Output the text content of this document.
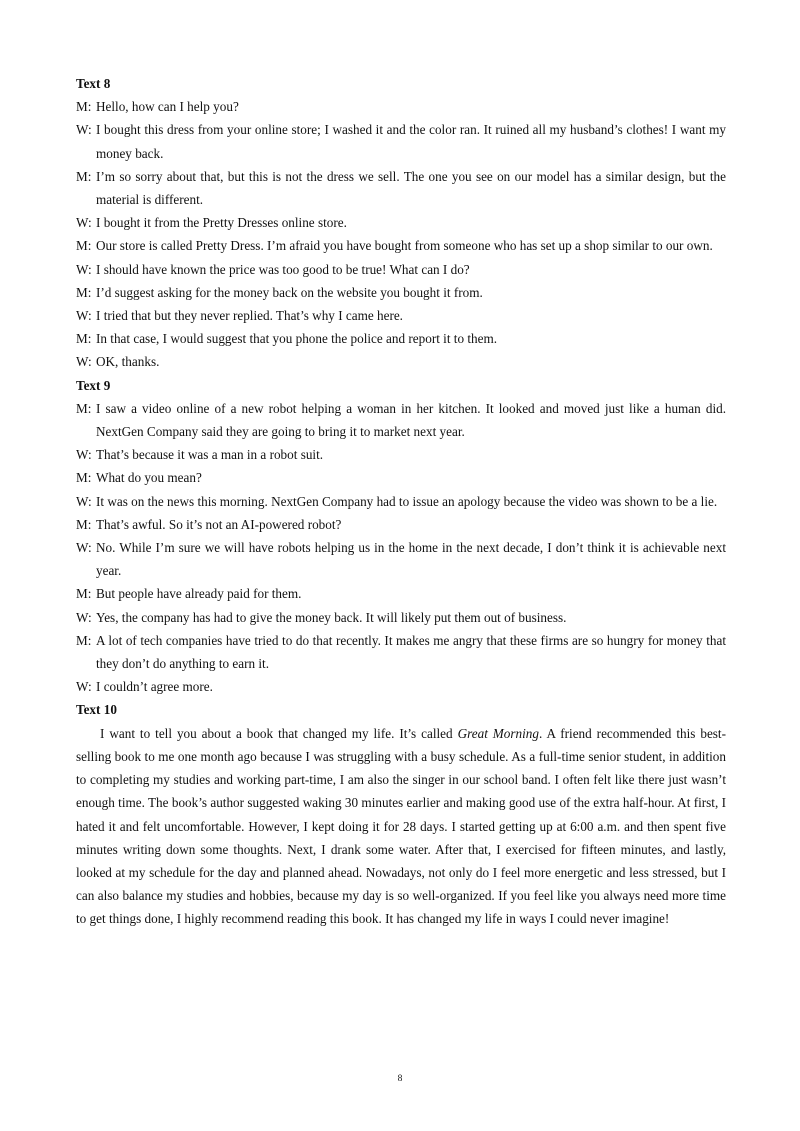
Text 8
M: Hello, how can I help you?
W: I bought this dress from your online store; I washed it and the color ran. It ruined all my husband’s clothes! I want my money back.
M: I’m so sorry about that, but this is not the dress we sell. The one you see on our model has a similar design, but the material is different.
W: I bought it from the Pretty Dresses online store.
M: Our store is called Pretty Dress. I’m afraid you have bought from someone who has set up a shop similar to our own.
W: I should have known the price was too good to be true! What can I do?
M: I’d suggest asking for the money back on the website you bought it from.
W: I tried that but they never replied. That’s why I came here.
M: In that case, I would suggest that you phone the police and report it to them.
W: OK, thanks.
Text 9
M: I saw a video online of a new robot helping a woman in her kitchen. It looked and moved just like a human did. NextGen Company said they are going to bring it to market next year.
W: That’s because it was a man in a robot suit.
M: What do you mean?
W: It was on the news this morning. NextGen Company had to issue an apology because the video was shown to be a lie.
M: That’s awful. So it’s not an AI-powered robot?
W: No. While I’m sure we will have robots helping us in the home in the next decade, I don’t think it is achievable next year.
M: But people have already paid for them.
W: Yes, the company has had to give the money back. It will likely put them out of business.
M: A lot of tech companies have tried to do that recently. It makes me angry that these firms are so hungry for money that they don’t do anything to earn it.
W: I couldn’t agree more.
Text 10
I want to tell you about a book that changed my life. It’s called Great Morning. A friend recommended this best-selling book to me one month ago because I was struggling with a busy schedule. As a full-time senior student, in addition to completing my studies and working part-time, I am also the singer in our school band. I often felt like there just wasn’t enough time. The book’s author suggested waking 30 minutes earlier and making good use of the extra half-hour. At first, I hated it and felt uncomfortable. However, I kept doing it for 28 days. I started getting up at 6:00 a.m. and then spent five minutes writing down some thoughts. Next, I drank some water. After that, I exercised for fifteen minutes, and lastly, looked at my schedule for the day and planned ahead. Nowadays, not only do I feel more energetic and less stressed, but I can also balance my studies and hobbies, because my day is so well-organized. If you feel like you always need more time to get things done, I highly recommend reading this book. It has changed my life in ways I could never imagine!
8
